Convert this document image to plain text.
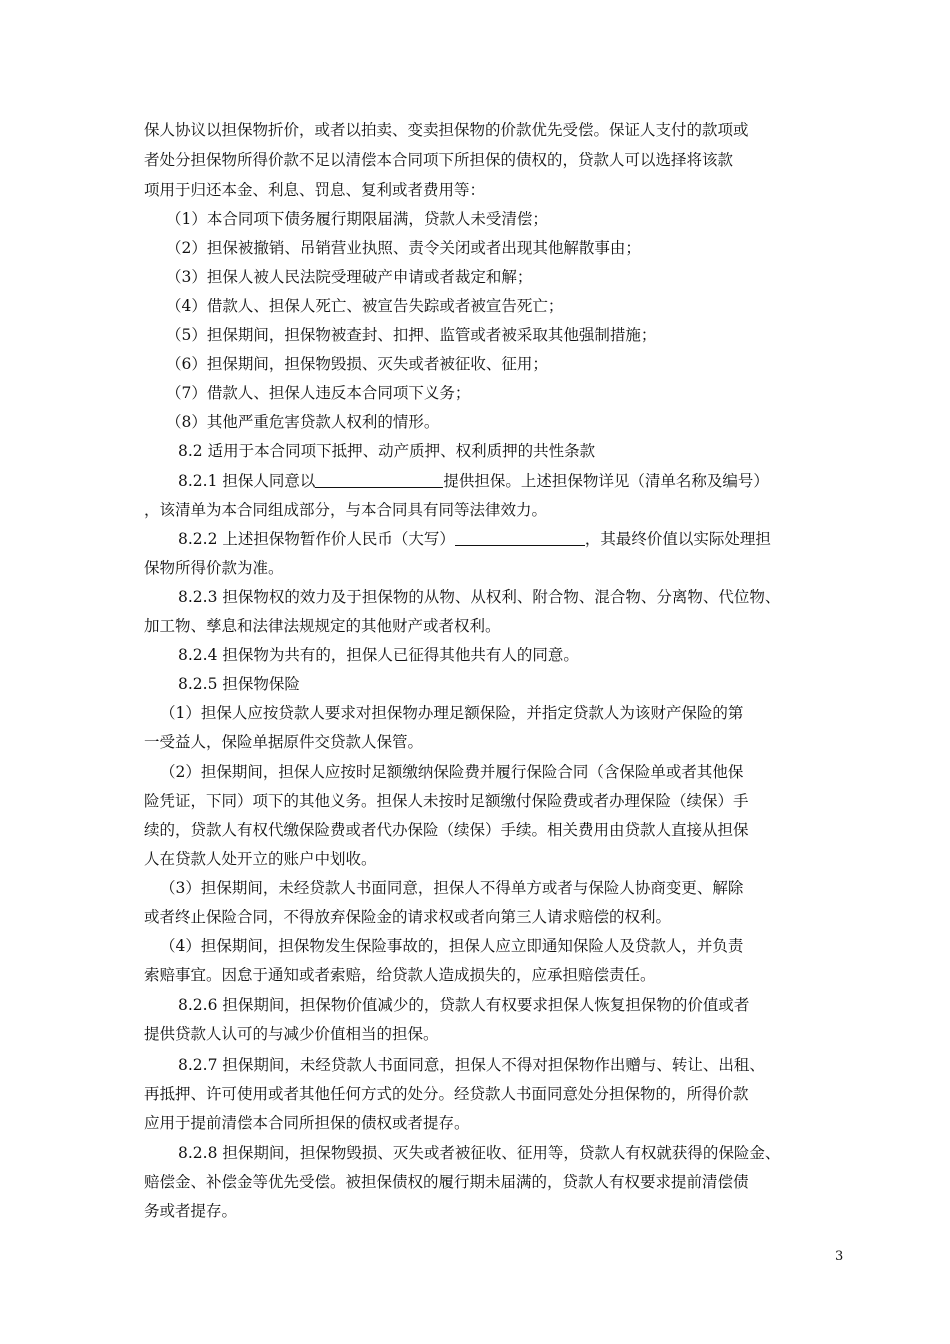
保人协议以担保物折价，或者以拍卖、变卖担保物的价款优先受偿。保证人支付的款项或
者处分担保物所得价款不足以清偿本合同项下所担保的债权的，贷款人可以选择将该款
项用于归还本金、利息、罚息、复利或者费用等：
（1）本合同项下债务履行期限届满，贷款人未受清偿；
（2）担保被撤销、吊销营业执照、责令关闭或者出现其他解散事由；
（3）担保人被人民法院受理破产申请或者裁定和解；
（4）借款人、担保人死亡、被宣告失踪或者被宣告死亡；
（5）担保期间，担保物被查封、扣押、监管或者被采取其他强制措施；
（6）担保期间，担保物毁损、灭失或者被征收、征用；
（7）借款人、担保人违反本合同项下义务；
（8）其他严重危害贷款人权利的情形。
8.2 适用于本合同项下抵押、动产质押、权利质押的共性条款
8.2.1 担保人同意以	提供担保。上述担保物详见（清单名称及编号）
，该清单为本合同组成部分，与本合同具有同等法律效力。
8.2.2 上述担保物暂作价人民币（大写）	，其最终价值以实际处理担
保物所得价款为准。
8.2.3 担保物权的效力及于担保物的从物、从权利、附合物、混合物、分离物、代位物、
加工物、孳息和法律法规规定的其他财产或者权利。
8.2.4 担保物为共有的，担保人已征得其他共有人的同意。
8.2.5 担保物保险
（1）担保人应按贷款人要求对担保物办理足额保险，并指定贷款人为该财产保险的第
一受益人，保险单据原件交贷款人保管。
（2）担保期间，担保人应按时足额缴纳保险费并履行保险合同（含保险单或者其他保
险凭证，下同）项下的其他义务。担保人未按时足额缴付保险费或者办理保险（续保）手
续的，贷款人有权代缴保险费或者代办保险（续保）手续。相关费用由贷款人直接从担保
人在贷款人处开立的账户中划收。
（3）担保期间，未经贷款人书面同意，担保人不得单方或者与保险人协商变更、解除
或者终止保险合同，不得放弃保险金的请求权或者向第三人请求赔偿的权利。
（4）担保期间，担保物发生保险事故的，担保人应立即通知保险人及贷款人，并负责
索赔事宜。因怠于通知或者索赔，给贷款人造成损失的，应承担赔偿责任。
8.2.6 担保期间，担保物价值减少的，贷款人有权要求担保人恢复担保物的价值或者
提供贷款人认可的与减少价值相当的担保。
8.2.7 担保期间，未经贷款人书面同意，担保人不得对担保物作出赠与、转让、出租、
再抵押、许可使用或者其他任何方式的处分。经贷款人书面同意处分担保物的，所得价款
应用于提前清偿本合同所担保的债权或者提存。
8.2.8 担保期间，担保物毁损、灭失或者被征收、征用等，贷款人有权就获得的保险金、
赔偿金、补偿金等优先受偿。被担保债权的履行期未届满的，贷款人有权要求提前清偿债
务或者提存。
3
